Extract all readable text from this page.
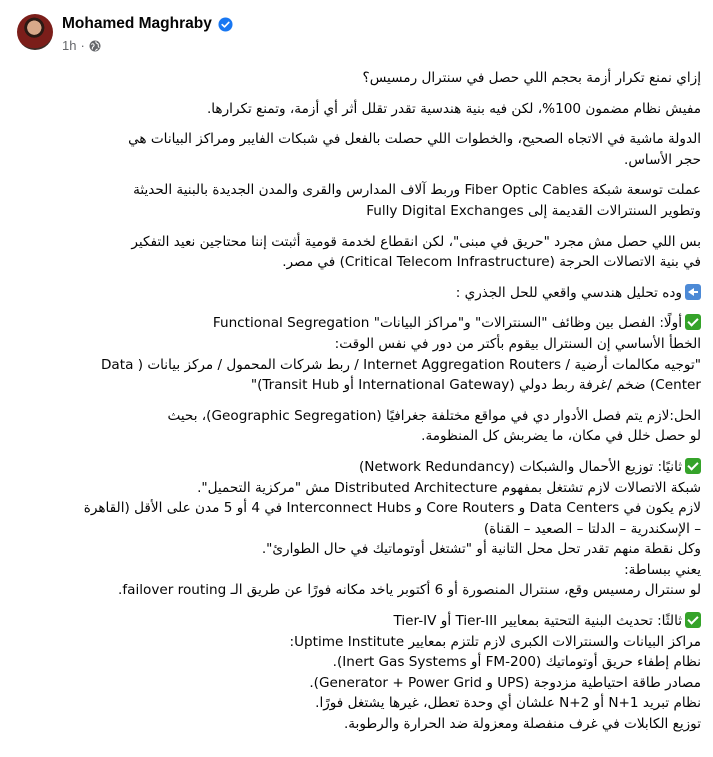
Mohamed Maghraby
1h ·

إزاي نمنع تكرار أزمة بحجم اللي حصل في سنترال رمسيس؟

مفيش نظام مضمون 100%، لكن فيه بنية هندسية تقدر تقلل أثر أي أزمة، وتمنع تكرارها.

الدولة ماشية في الاتجاه الصحيح، والخطوات اللي حصلت بالفعل في شبكات الفايبر ومراكز البيانات هي
حجر الأساس.

عملت توسعة شبكة Fiber Optic Cables وربط آلاف المدارس والقرى والمدن الجديدة بالبنية الحديثة
وتطوير السنترالات القديمة إلى Fully Digital Exchanges

بس اللي حصل مش مجرد "حريق في مبنى"، لكن انقطاع لخدمة قومية أثبتت إننا محتاجين نعيد التفكير
في بنية الاتصالات الحرجة (Critical Telecom Infrastructure) في مصر.

وده تحليل هندسي واقعي للحل الجذري :

أولًا: الفصل بين وظائف "السنترالات" و"مراكز البيانات" Functional Segregation
الخطأ الأساسي إن السنترال بيقوم بأكتر من دور في نفس الوقت:
"توجيه مكالمات أرضية / Internet Aggregation Routers / ربط شركات المحمول / مركز بيانات ( Data
Center) ضخم /غرفة ربط دولي (International Gateway أو Transit Hub)"

الحل:لازم يتم فصل الأدوار دي في مواقع مختلفة جغرافيًا (Geographic Segregation)، بحيث
لو حصل خلل في مكان، ما يضربش كل المنظومة.

ثانيًا: توزيع الأحمال والشبكات (Network Redundancy)
شبكة الاتصالات لازم تشتغل بمفهوم Distributed Architecture مش "مركزية التحميل".
لازم يكون في Data Centers و Core Routers و Interconnect Hubs في 4 أو 5 مدن على الأقل (القاهرة
– الإسكندرية – الدلتا – الصعيد – القناة)
وكل نقطة منهم تقدر تحل محل التانية أو "تشتغل أوتوماتيك في حال الطوارئ".
يعني ببساطة:
لو سنترال رمسيس وقع، سنترال المنصورة أو 6 أكتوبر ياخد مكانه فورًا عن طريق الـ failover routing.

ثالثًا: تحديث البنية التحتية بمعايير Tier-III أو Tier-IV
مراكز البيانات والسنترالات الكبرى لازم تلتزم بمعايير Uptime Institute:
نظام إطفاء حريق أوتوماتيك (FM-200 أو Inert Gas Systems).
مصادر طاقة احتياطية مزدوجة (UPS و Generator + Power Grid).
نظام تبريد N+1 أو N+2 علشان أي وحدة تعطل، غيرها يشتغل فورًا.
توزيع الكابلات في غرف منفصلة ومعزولة ضد الحرارة والرطوبة.
